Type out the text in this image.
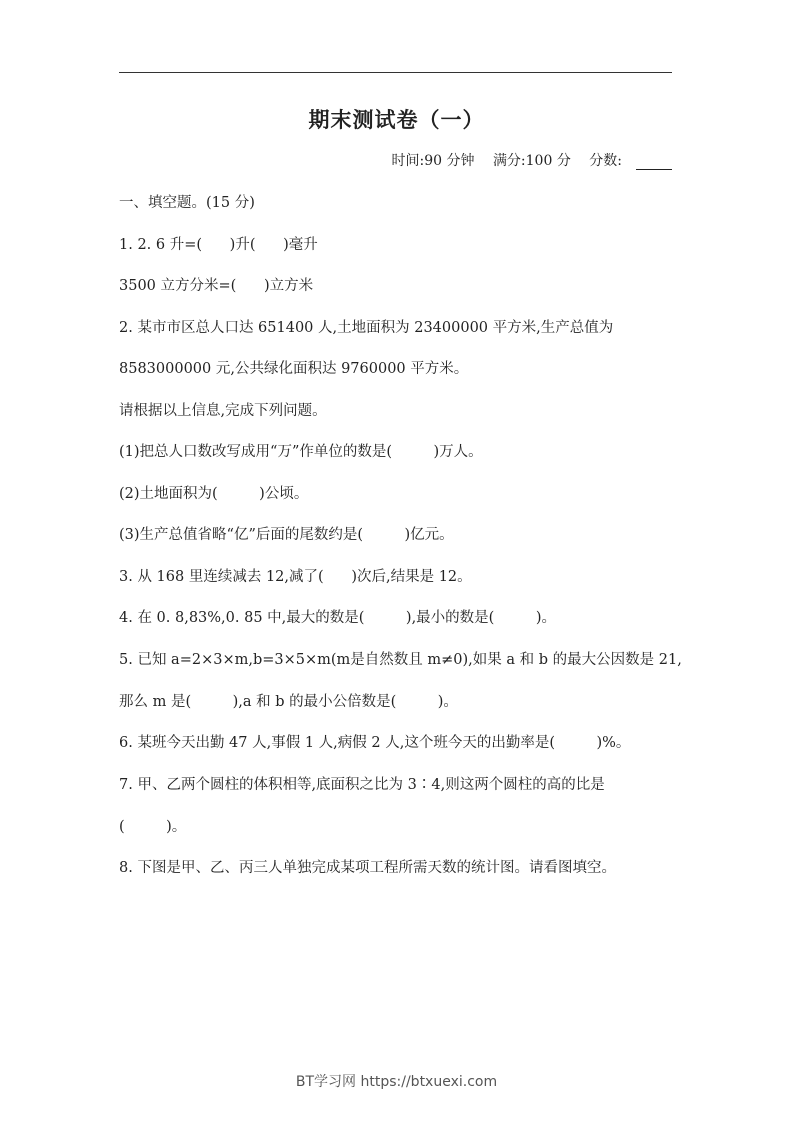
期末测试卷（一）
时间:90 分钟 满分:100 分 分数:
一、填空题。(15 分)
1. 2. 6 升=(      )升(      )毫升
3500 立方分米=(      )立方米
2. 某市市区总人口达 651400 人,土地面积为 23400000 平方米,生产总值为
8583000000 元,公共绿化面积达 9760000 平方米。
请根据以上信息,完成下列问题。
(1)把总人口数改写成用“万”作单位的数是(         )万人。
(2)土地面积为(         )公顷。
(3)生产总值省略“亿”后面的尾数约是(         )亿元。
3. 从 168 里连续减去 12,减了(      )次后,结果是 12。
4. 在 0. 8,83%,0. 85 中,最大的数是(         ),最小的数是(         )。
5. 已知 a=2×3×m,b=3×5×m(m是自然数且 m≠0),如果 a 和 b 的最大公因数是 21,
那么 m 是(         ),a 和 b 的最小公倍数是(         )。
6. 某班今天出勤 47 人,事假 1 人,病假 2 人,这个班今天的出勤率是(         )%。
7. 甲、乙两个圆柱的体积相等,底面积之比为 3∶4,则这两个圆柱的高的比是
(         )。
8. 下图是甲、乙、丙三人单独完成某项工程所需天数的统计图。请看图填空。
BT学习网 https://btxuexi.com
